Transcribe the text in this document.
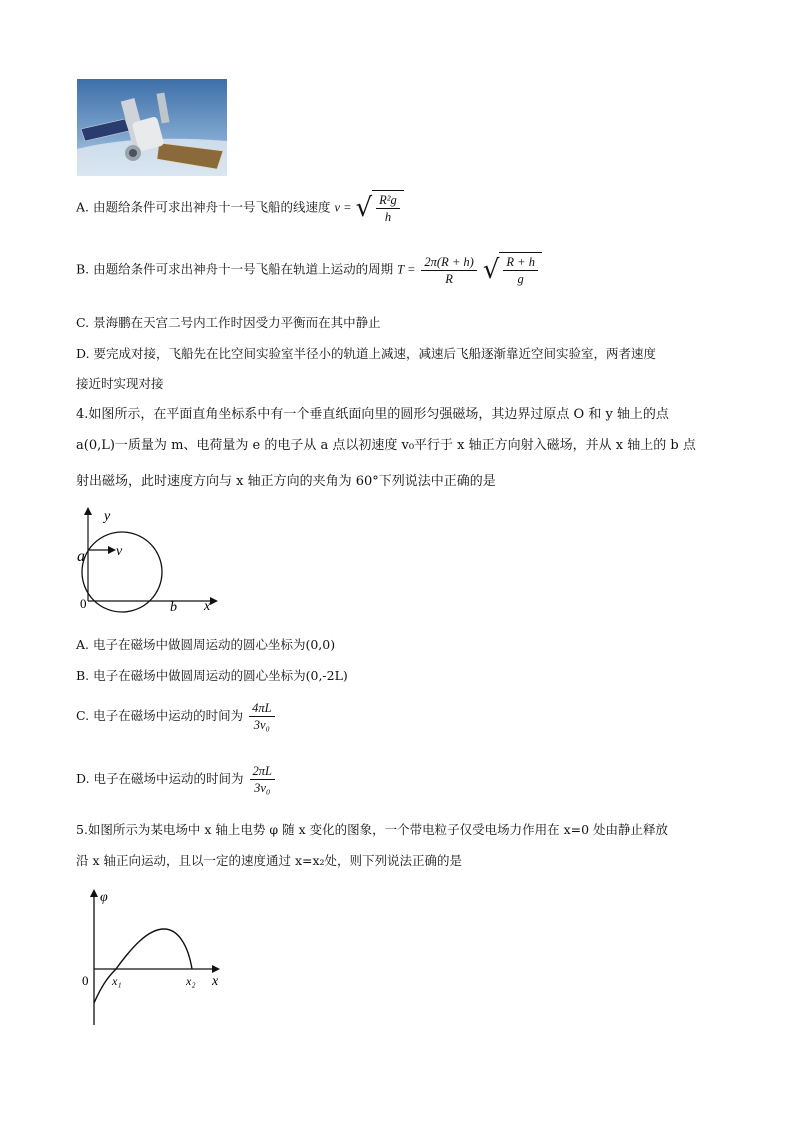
A. 由题给条件可求出神舟十一号飞船的线速度 v = √ $\frac{\text{R²g}}{h}$
B. 由题给条件可求出神舟十一号飞船在轨道上运动的周期 $T = \frac{2\pi(R + h)}{R}$
√ $\frac{R + h}{g}$
C. 景海鹏在天宫二号内工作时因受力平衡而在其中静止
D. 要完成对接，飞船先在比空间实验室半径小的轨道上减速，减速后飞船逐渐靠近空间实验室，两者速度
接近时实现对接
4.如图所示，在平面直角坐标系中有一个垂直纸面向里的圆形匀强磁场，其边界过原点 O 和 y 轴上的点
a(0,L)一质量为 m、电荷量为 e 的电子从 a 点以初速度 v₀平行于 x 轴正方向射入磁场，并从 x 轴上的 b 点
射出磁场，此时速度方向与 x 轴正方向的夹角为 60°下列说法中正确的是
y
x
a v
0	b
A. 电子在磁场中做圆周运动的圆心坐标为(0,0)
B. 电子在磁场中做圆周运动的圆心坐标为(0,-2L)
C. 电子在磁场中运动的时间为 $\frac{4\pi L}{\text{3v₀}}$
D. 电子在磁场中运动的时间为 $\frac{2\pi L}{\text{3v₀}}$
5.如图所示为某电场中 x 轴上电势 φ 随 x 变化的图象，一个带电粒子仅受电场力作用在 x=0 处由静止释放
沿 x 轴正向运动，且以一定的速度通过 x=x₂处，则下列说法正确的是
φ
x
0 x₁	x₂
